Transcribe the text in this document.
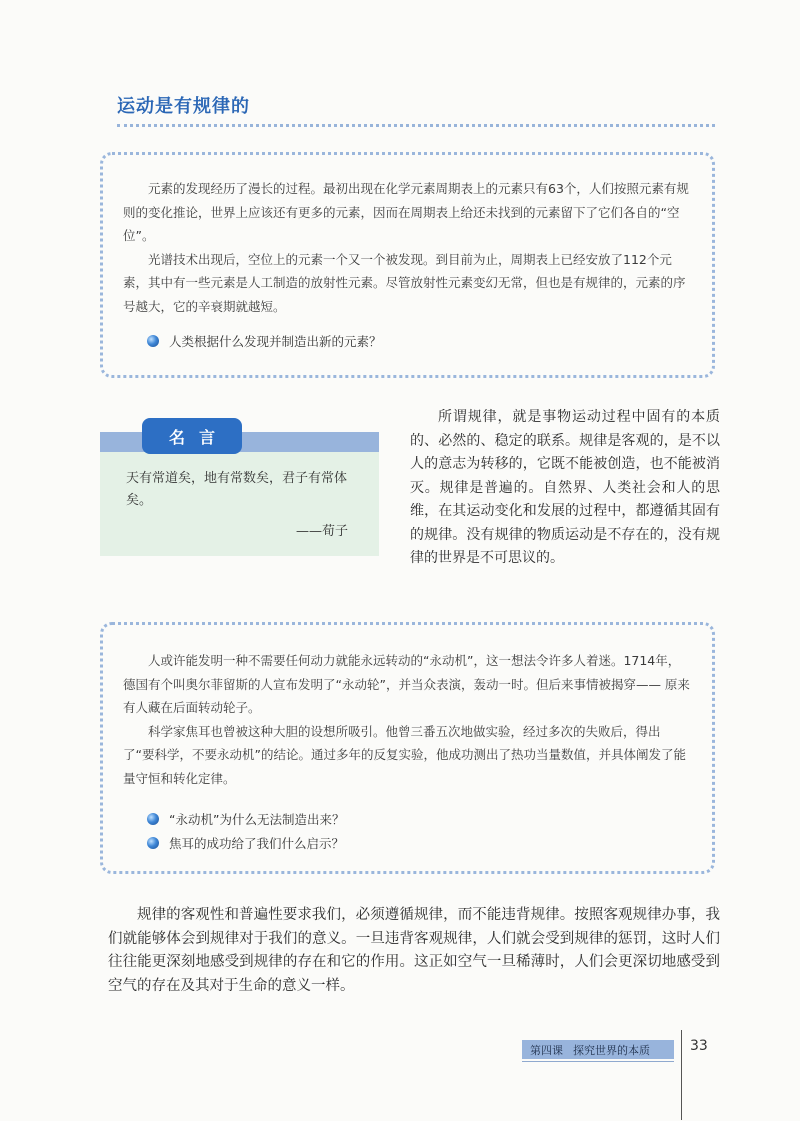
运动是有规律的

元素的发现经历了漫长的过程。最初出现在化学元素周期表上的元素只有63个，人们按照元素有规则的变化推论，世界上应该还有更多的元素，因而在周期表上给还未找到的元素留下了它们各自的“空位”。

光谱技术出现后，空位上的元素一个又一个被发现。到目前为止，周期表上已经安放了112个元素，其中有一些元素是人工制造的放射性元素。尽管放射性元素变幻无常，但也是有规律的，元素的序号越大，它的辛衰期就越短。

人类根据什么发现并制造出新的元素？
名言
天有常道矣，地有常数矣，君子有常体矣。
——荀子

所谓规律，就是事物运动过程中固有的本质的、必然的、稳定的联系。规律是客观的，是不以人的意志为转移的，它既不能被创造，也不能被消灭。规律是普遍的。自然界、人类社会和人的思维，在其运动变化和发展的过程中，都遵循其固有的规律。没有规律的物质运动是不存在的，没有规律的世界是不可思议的。

人或许能发明一种不需要任何动力就能永远转动的“永动机”，这一想法令许多人着迷。1714年，德国有个叫奥尔菲留斯的人宣布发明了“永动轮”，并当众表演，轰动一时。但后来事情被揭穿—— 原来有人藏在后面转动轮子。

科学家焦耳也曾被这种大胆的设想所吸引。他曾三番五次地做实验，经过多次的失败后，得出了“要科学，不要永动机”的结论。通过多年的反复实验，他成功测出了热功当量数值，并具体阐发了能量守恒和转化定律。

“永动机”为什么无法制造出来？
焦耳的成功给了我们什么启示？

规律的客观性和普遍性要求我们，必须遵循规律，而不能违背规律。按照客观规律办事，我们就能够体会到规律对于我们的意义。一旦违背客观规律，人们就会受到规律的惩罚，这时人们往往能更深刻地感受到规律的存在和它的作用。这正如空气一旦稀薄时，人们会更深切地感受到空气的存在及其对于生命的意义一样。

第四课 探究世界的本质	33
